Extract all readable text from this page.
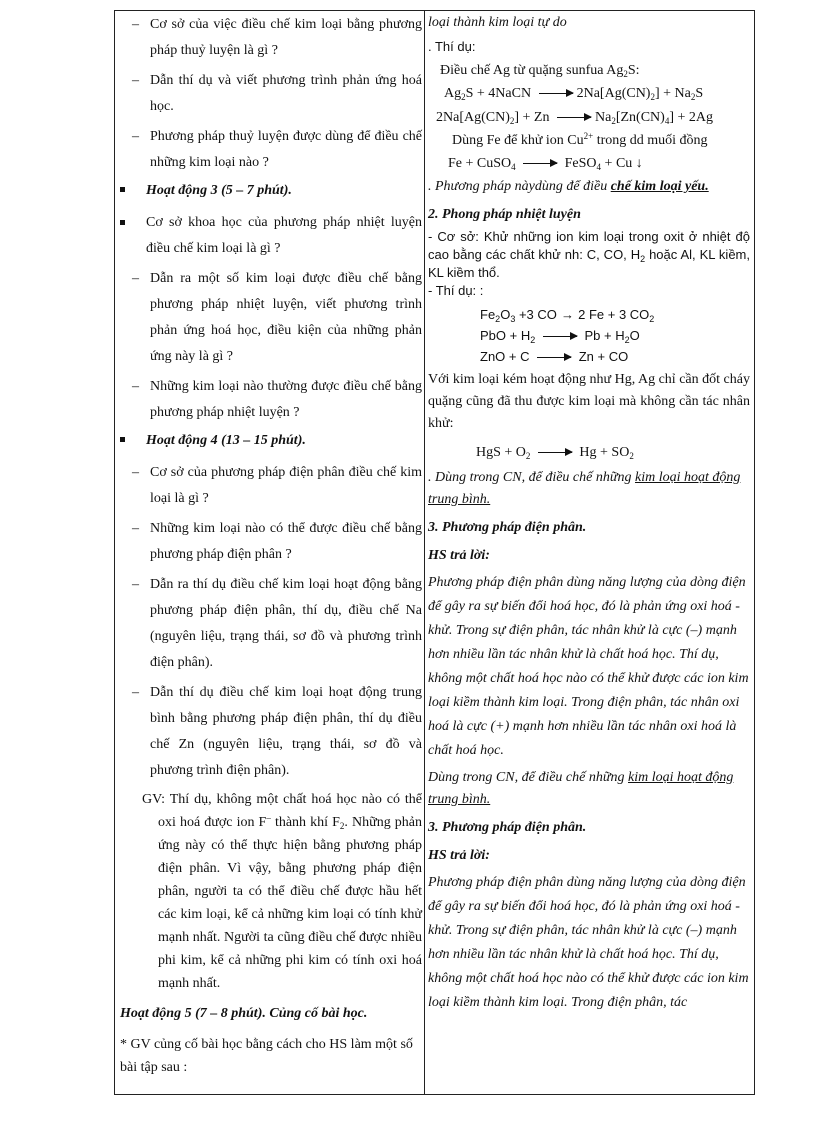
– Cơ sở của việc điều chế kim loại bằng phương pháp thuỷ luyện là gì ?
– Dẫn thí dụ và viết phương trình phản ứng hoá học.
– Phương pháp thuỷ luyện được dùng để điều chế những kim loại nào ?
Hoạt động 3 (5 – 7 phút).
Cơ sở khoa học của phương pháp nhiệt luyện điều chế kim loại là gì ?
– Dẫn ra một số kim loại được điều chế bằng phương pháp nhiệt luyện, viết phương trình phản ứng hoá học, điều kiện của những phản ứng này là gì ?
– Những kim loại nào thường được điều chế bằng phương pháp nhiệt luyện ?
Hoạt động 4 (13 – 15 phút).
– Cơ sở của phương pháp điện phân điều chế kim loại là gì ?
– Những kim loại nào có thể được điều chế bằng phương pháp điện phân ?
– Dẫn ra thí dụ điều chế kim loại hoạt động bằng phương pháp điện phân, thí dụ, điều chế Na (nguyên liệu, trạng thái, sơ đồ và phương trình điện phân).
– Dẫn thí dụ điều chế kim loại hoạt động trung bình bằng phương pháp điện phân, thí dụ điều chế Zn (nguyên liệu, trạng thái, sơ đồ và phương trình điện phân).
GV: Thí dụ, không một chất hoá học nào có thể oxi hoá được ion F– thành khí $F_2$. Những phản ứng này có thể thực hiện bằng phương pháp điện phân. Vì vậy, bằng phương pháp điện phân, người ta có thể điều chế được hầu hết các kim loại, kể cả những kim loại có tính khử mạnh nhất. Người ta cũng điều chế được nhiều phi kim, kể cả những phi kim có tính oxi hoá mạnh nhất.
Hoạt động 5 (7 – 8 phút). Củng cố bài học.
* GV củng cố bài học bằng cách cho HS làm một số bài tập sau :
loại thành kim loại tự do
. Thí dụ:
Điều chế Ag từ quặng sunfua $Ag_2S$:
$Ag_2S$ + 4NaCN	$2Na[Ag(CN)_2] + Na_2S$
$2Na[Ag(CN)_2] + Zn$	$Na_2[Zn(CN)_4] + 2Ag$
Dùng Fe để khử ion $Cu^{2+}$ trong dd muối đồng
Fe + CuSO$_4$	FeSO$_4$ + Cu ↓
. Phương pháp nàydùng để điều chế kim loại yếu.
2. Phong pháp nhiệt luyện
- Cơ sở: Khử những ion kim loại trong oxit ở nhiệt độ cao bằng các chất khử nh: C, CO, $H_2$ hoặc Al, KL kiềm, KL kiềm thổ.
- Thí dụ: :
$Fe_2O_3 +3$ CO → 2 Fe + 3 $CO_2$
PbO + $H_2$	$Pb + H_2O$
ZnO + C	Zn + CO
Với kim loại kém hoạt động như Hg, Ag chỉ cần đốt cháy quặng cũng đã thu được kim loại mà không cần tác nhân khử:
HgS + $O_2$	$Hg + SO_2$
. Dùng trong CN, để điều chế những kim loại hoạt động trung bình.
3. Phương pháp điện phân.
HS trả lời:
Phương pháp điện phân dùng năng lượng của dòng điện để gây ra sự biến đổi hoá học, đó là phản ứng oxi hoá - khử. Trong sự điện phân, tác nhân khử là cực (–) mạnh hơn nhiều lần tác nhân khử là chất hoá học. Thí dụ, không một chất hoá học nào có thể khử được các ion kim loại kiềm thành kim loại. Trong điện phân, tác nhân oxi hoá là cực (+) mạnh hơn nhiều lần tác nhân oxi hoá là chất hoá học.
Dùng trong CN, để điều chế những kim loại hoạt động trung bình.
3. Phương pháp điện phân.
HS trả lời:
Phương pháp điện phân dùng năng lượng của dòng điện để gây ra sự biến đổi hoá học, đó là phản ứng oxi hoá - khử. Trong sự điện phân, tác nhân khử là cực (–) mạnh hơn nhiều lần tác nhân khử là chất hoá học. Thí dụ, không một chất hoá học nào có thể khử được các ion kim loại kiềm thành kim loại. Trong điện phân, tác
